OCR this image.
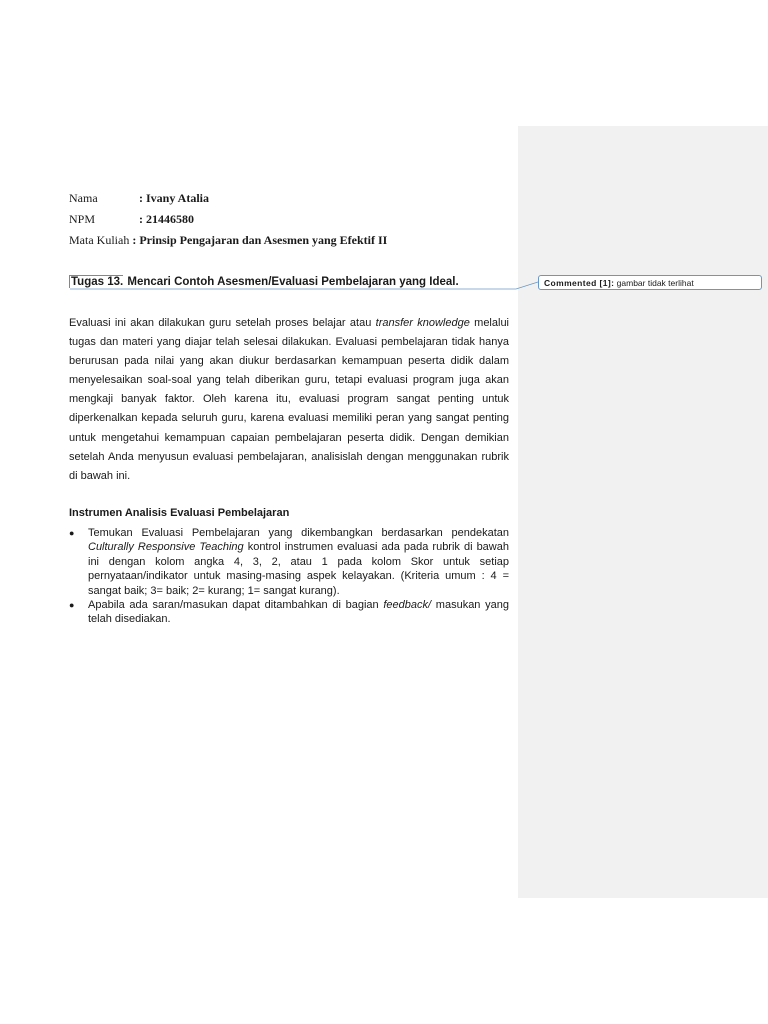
Commented [1]: gambar tidak terlihat
Nama	: Ivany Atalia
NPM	: 21446580
Mata Kuliah : Prinsip Pengajaran dan Asesmen yang Efektif II
Tugas 13. Mencari Contoh Asesmen/Evaluasi Pembelajaran yang Ideal.
Evaluasi ini akan dilakukan guru setelah proses belajar atau transfer knowledge melalui tugas dan materi yang diajar telah selesai dilakukan. Evaluasi pembelajaran tidak hanya berurusan pada nilai yang akan diukur berdasarkan kemampuan peserta didik dalam menyelesaikan soal-soal yang telah diberikan guru, tetapi evaluasi program juga akan mengkaji banyak faktor. Oleh karena itu, evaluasi program sangat penting untuk diperkenalkan kepada seluruh guru, karena evaluasi memiliki peran yang sangat penting untuk mengetahui kemampuan capaian pembelajaran peserta didik. Dengan demikian setelah Anda menyusun evaluasi pembelajaran, analisislah dengan menggunakan rubrik di bawah ini.
Instrumen Analisis Evaluasi Pembelajaran
● Temukan Evaluasi Pembelajaran yang dikembangkan berdasarkan pendekatan Culturally Responsive Teaching kontrol instrumen evaluasi ada pada rubrik di bawah ini dengan kolom angka 4, 3, 2, atau 1 pada kolom Skor untuk setiap pernyataan/indikator untuk masing-masing aspek kelayakan. (Kriteria umum : 4 = sangat baik; 3= baik; 2= kurang; 1= sangat kurang).
● Apabila ada saran/masukan dapat ditambahkan di bagian feedback/ masukan yang telah disediakan.
